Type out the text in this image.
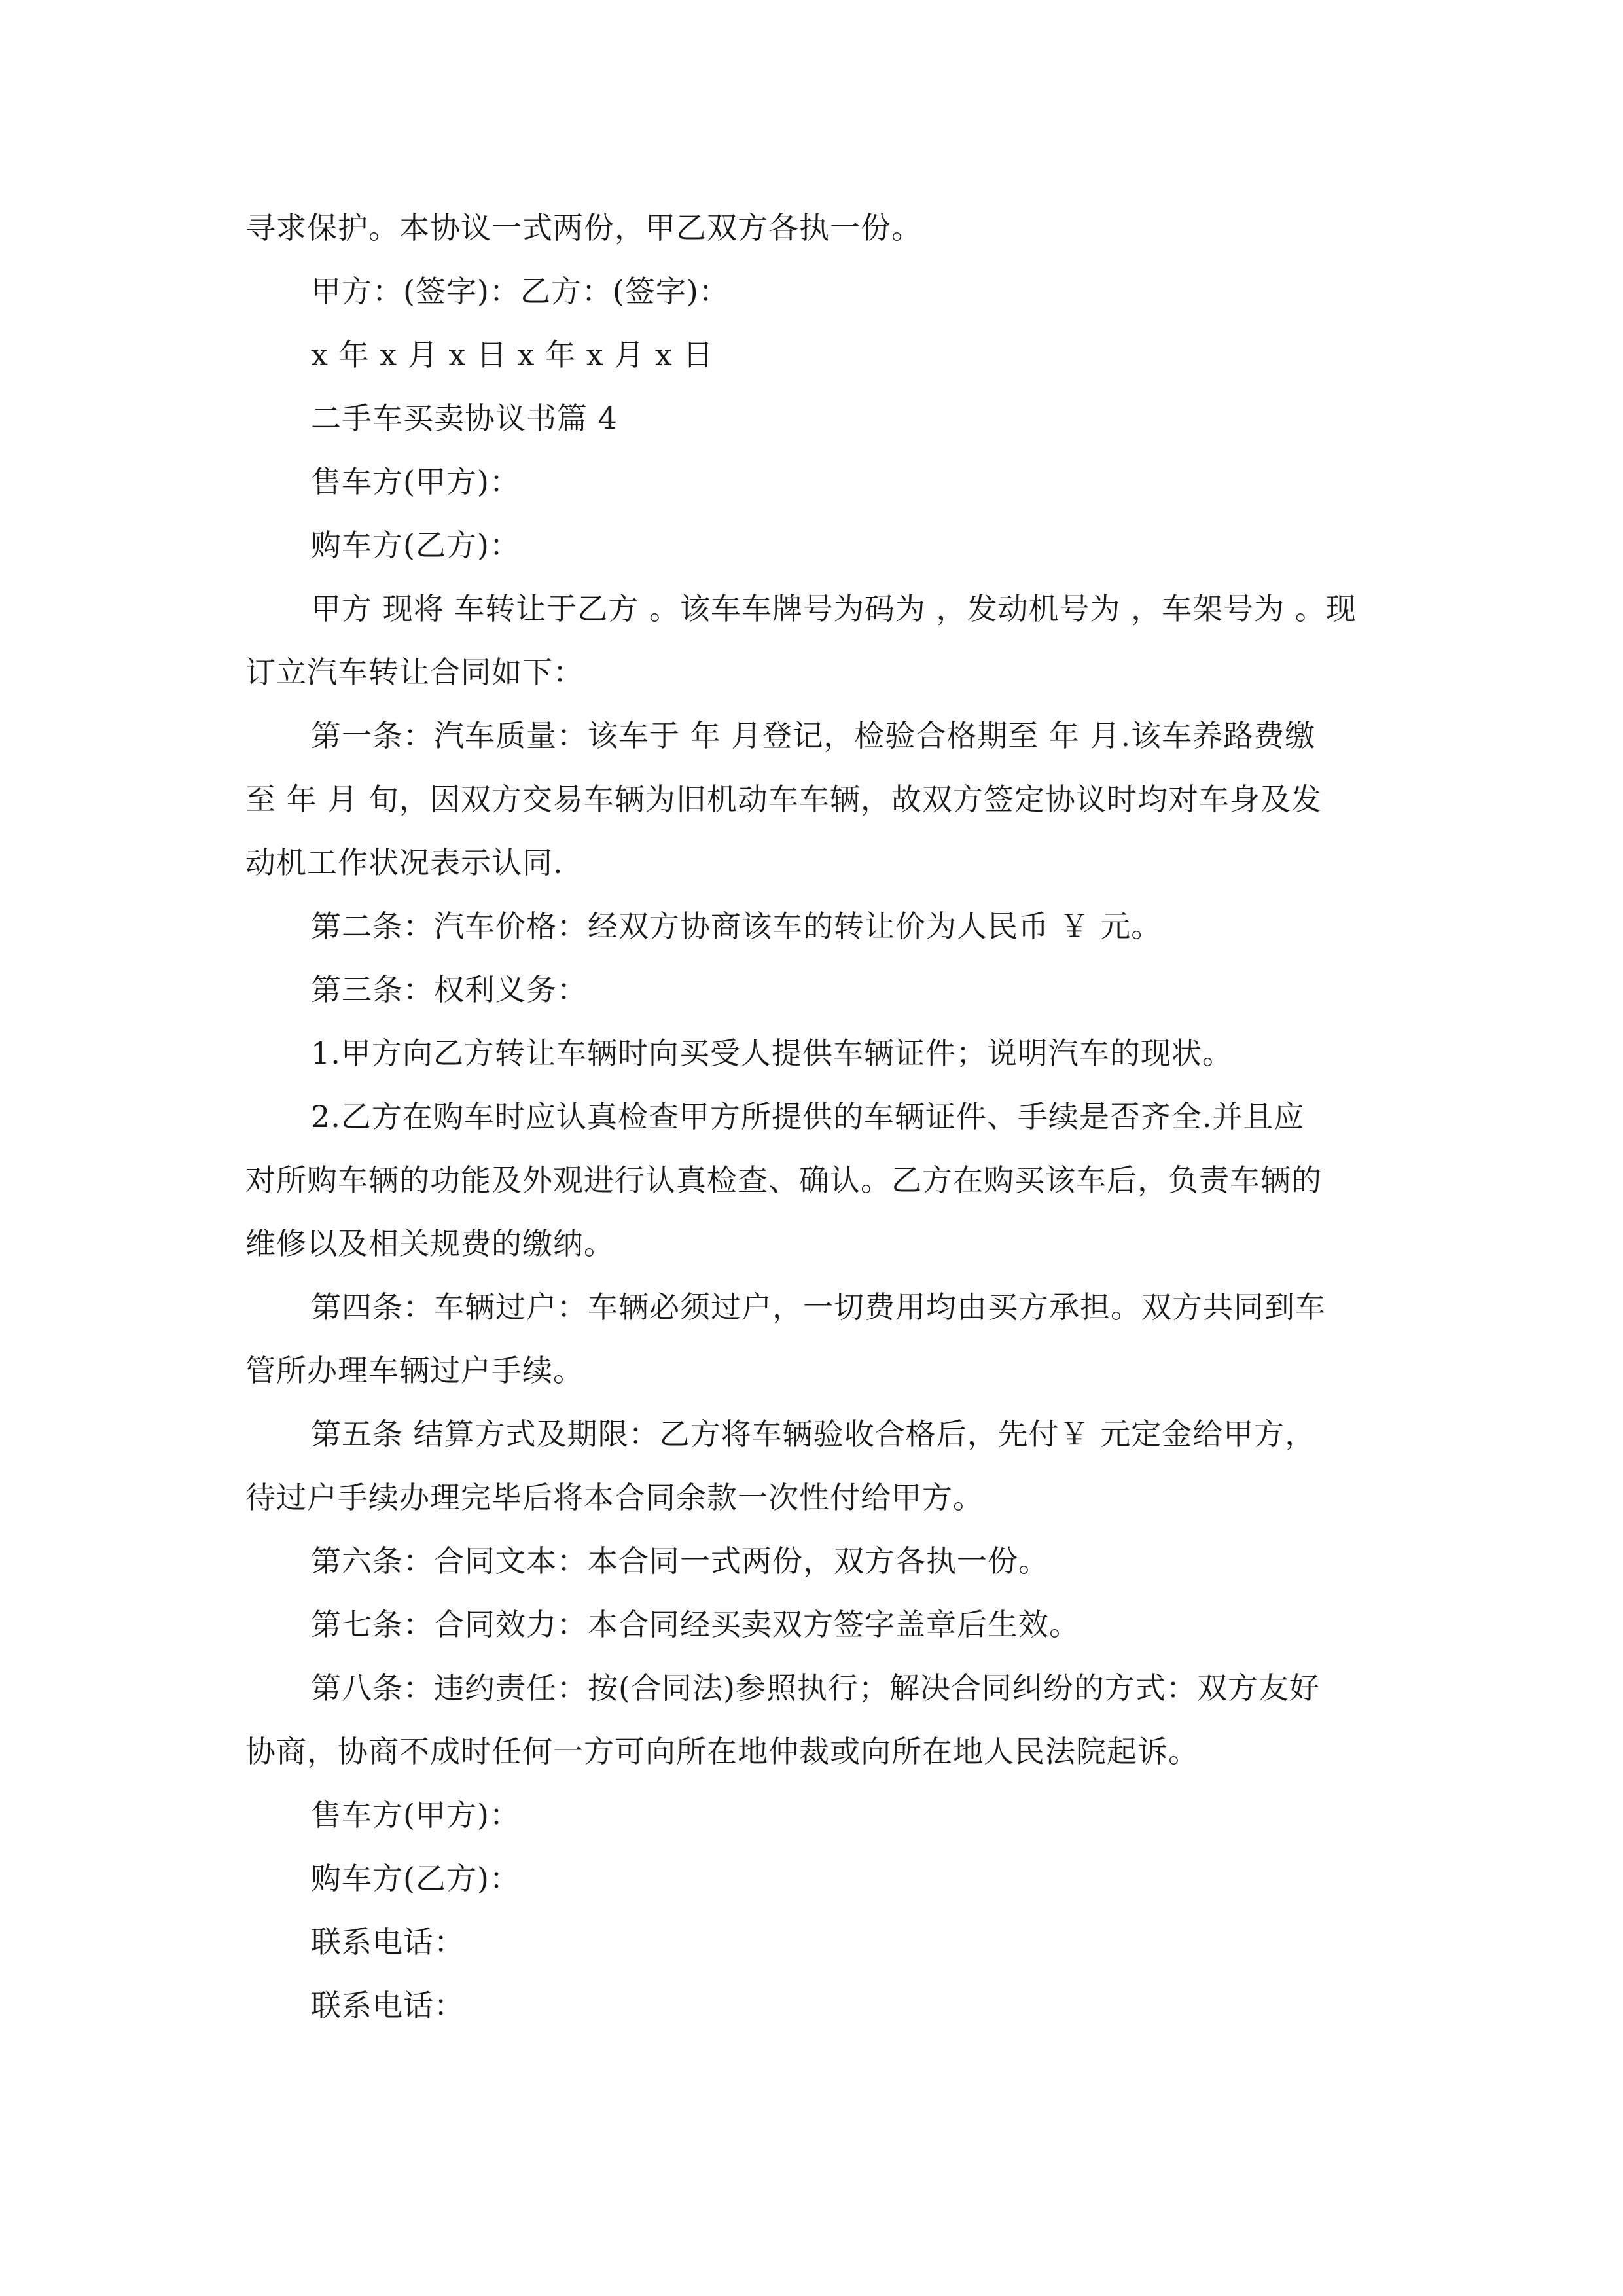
寻求保护。本协议一式两份，甲乙双方各执一份。
甲方：(签字)：乙方：(签字)：
x 年 x 月 x 日 x 年 x 月 x 日
二手车买卖协议书篇 4
售车方(甲方)：
购车方(乙方)：
甲方 现将 车转让于乙方 。该车车牌号为码为 ，发动机号为 ，车架号为 。现
订立汽车转让合同如下：
第一条：汽车质量：该车于 年 月登记，检验合格期至 年 月.该车养路费缴
至 年 月 旬，因双方交易车辆为旧机动车车辆，故双方签定协议时均对车身及发
动机工作状况表示认同.
第二条：汽车价格：经双方协商该车的转让价为人民币 ￥ 元。
第三条：权利义务：
1.甲方向乙方转让车辆时向买受人提供车辆证件；说明汽车的现状。
2.乙方在购车时应认真检查甲方所提供的车辆证件、手续是否齐全.并且应
对所购车辆的功能及外观进行认真检查、确认。乙方在购买该车后，负责车辆的
维修以及相关规费的缴纳。
第四条：车辆过户：车辆必须过户，一切费用均由买方承担。双方共同到车
管所办理车辆过户手续。
第五条 结算方式及期限：乙方将车辆验收合格后，先付￥ 元定金给甲方，
待过户手续办理完毕后将本合同余款一次性付给甲方。
第六条：合同文本：本合同一式两份，双方各执一份。
第七条：合同效力：本合同经买卖双方签字盖章后生效。
第八条：违约责任：按(合同法)参照执行；解决合同纠纷的方式：双方友好
协商，协商不成时任何一方可向所在地仲裁或向所在地人民法院起诉。
售车方(甲方)：
购车方(乙方)：
联系电话：
联系电话：
